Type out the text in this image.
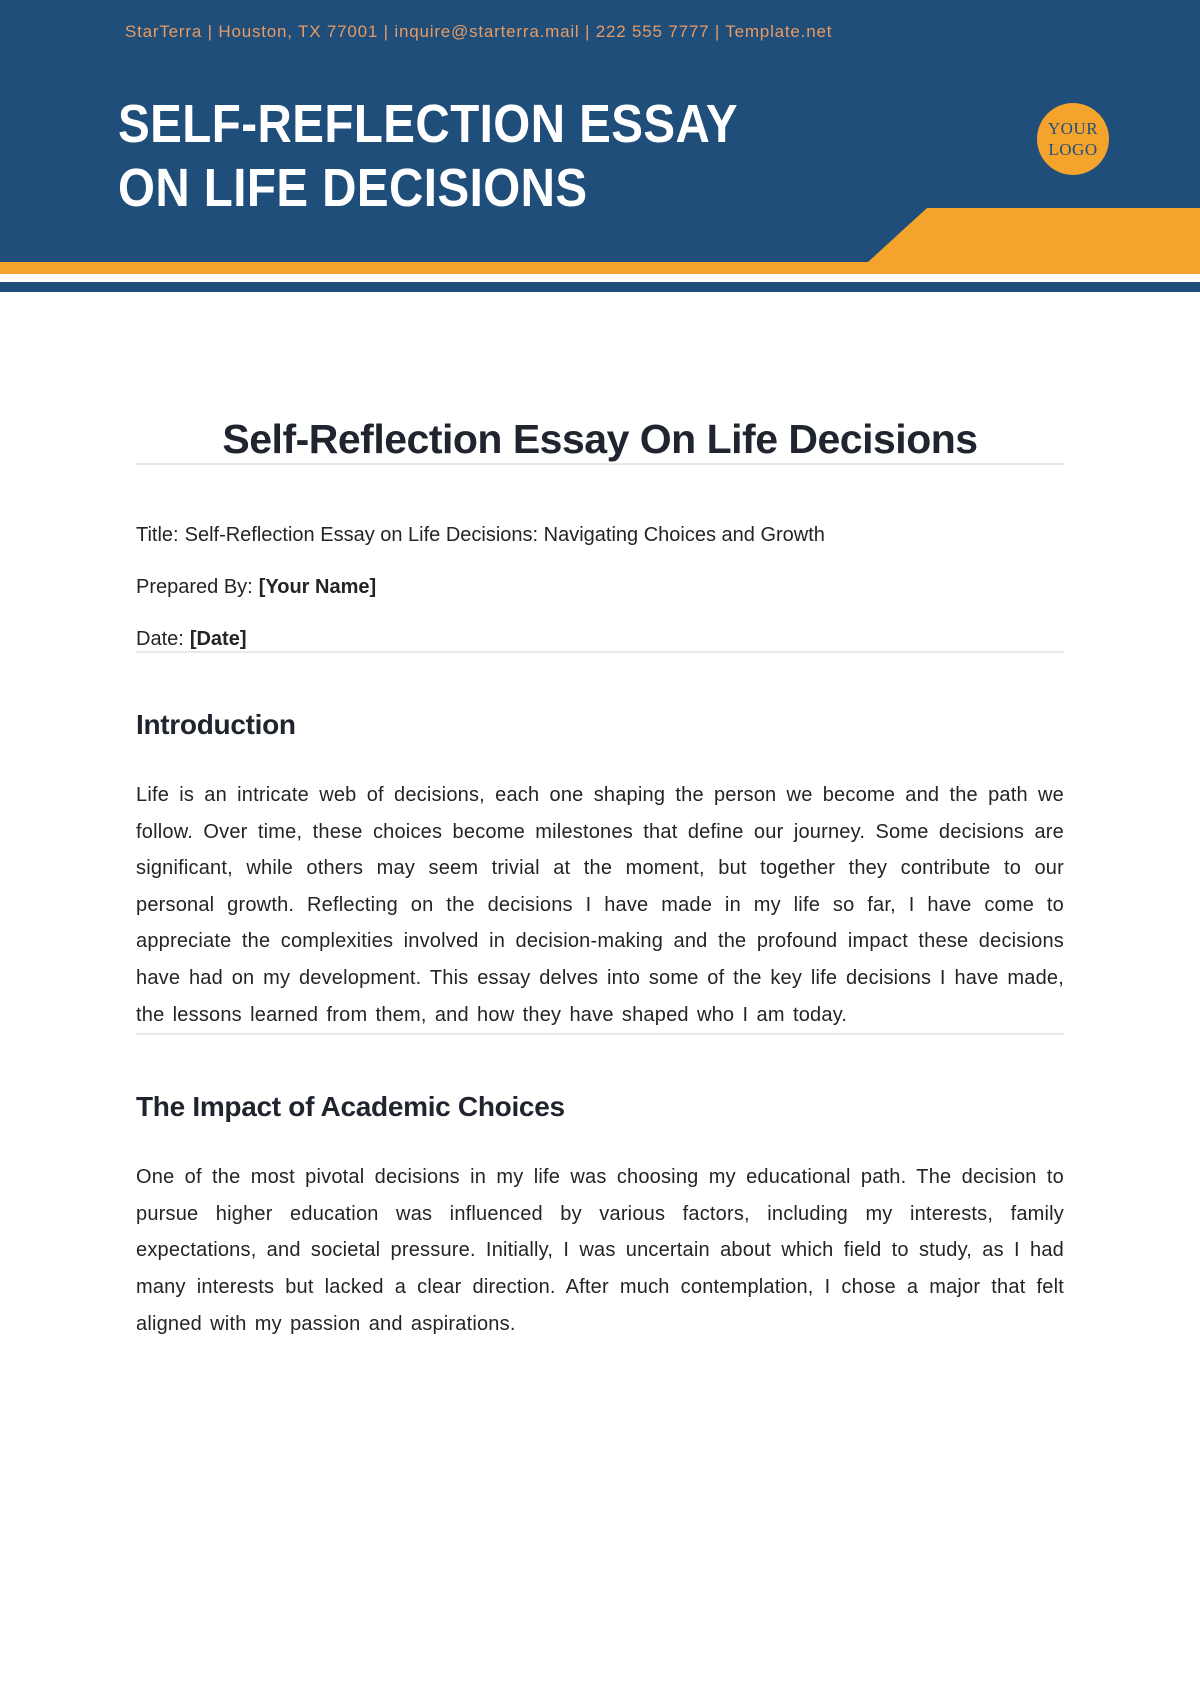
StarTerra | Houston, TX 77001 | inquire@starterra.mail | 222 555 7777 | Template.net
SELF-REFLECTION ESSAY
ON LIFE DECISIONS
YOUR
LOGO
Self-Reflection Essay On Life Decisions

Title: Self-Reflection Essay on Life Decisions: Navigating Choices and Growth

Prepared By: [Your Name]

Date: [Date]

Introduction

Life is an intricate web of decisions, each one shaping the person we become and the path we follow. Over time, these choices become milestones that define our journey. Some decisions are significant, while others may seem trivial at the moment, but together they contribute to our personal growth. Reflecting on the decisions I have made in my life so far, I have come to appreciate the complexities involved in decision-making and the profound impact these decisions have had on my development. This essay delves into some of the key life decisions I have made, the lessons learned from them, and how they have shaped who I am today.

The Impact of Academic Choices

One of the most pivotal decisions in my life was choosing my educational path. The decision to pursue higher education was influenced by various factors, including my interests, family expectations, and societal pressure. Initially, I was uncertain about which field to study, as I had many interests but lacked a clear direction. After much contemplation, I chose a major that felt aligned with my passion and aspirations.
